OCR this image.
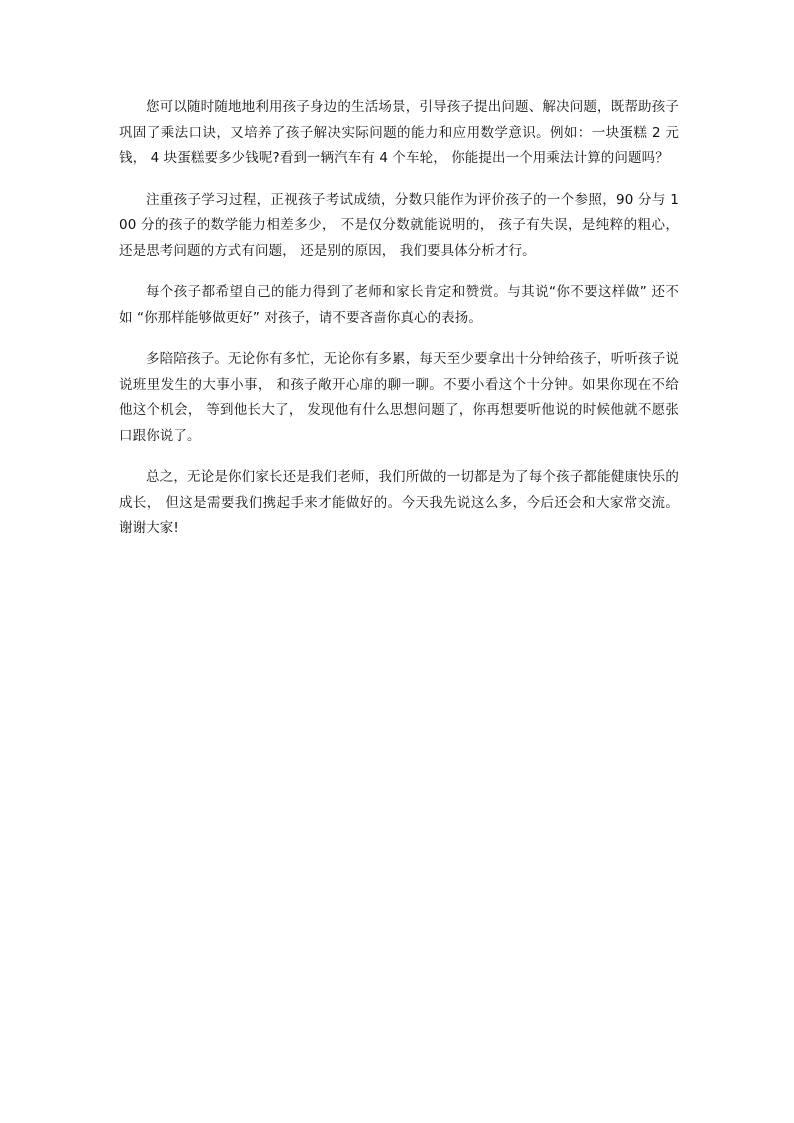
您可以随时随地地利用孩子身边的生活场景，引导孩子提出问题、解决问题，既帮助孩子巩固了乘法口诀，又培养了孩子解决实际问题的能力和应用数学意识。例如：一块蛋糕 2 元钱， 4 块蛋糕要多少钱呢?看到一辆汽车有 4 个车轮， 你能提出一个用乘法计算的问题吗？

注重孩子学习过程，正视孩子考试成绩，分数只能作为评价孩子的一个参照，90 分与 100 分的孩子的数学能力相差多少， 不是仅分数就能说明的， 孩子有失误，是纯粹的粗心， 还是思考问题的方式有问题， 还是别的原因， 我们要具体分析才行。

每个孩子都希望自己的能力得到了老师和家长肯定和赞赏。与其说“你不要这样做” 还不如 “你那样能够做更好” 对孩子，请不要吝啬你真心的表扬。

多陪陪孩子。无论你有多忙，无论你有多累，每天至少要拿出十分钟给孩子，听听孩子说说班里发生的大事小事， 和孩子敞开心扉的聊一聊。不要小看这个十分钟。如果你现在不给他这个机会， 等到他长大了， 发现他有什么思想问题了，你再想要听他说的时候他就不愿张口跟你说了。

总之，无论是你们家长还是我们老师，我们所做的一切都是为了每个孩子都能健康快乐的成长， 但这是需要我们携起手来才能做好的。今天我先说这么多，今后还会和大家常交流。谢谢大家!
